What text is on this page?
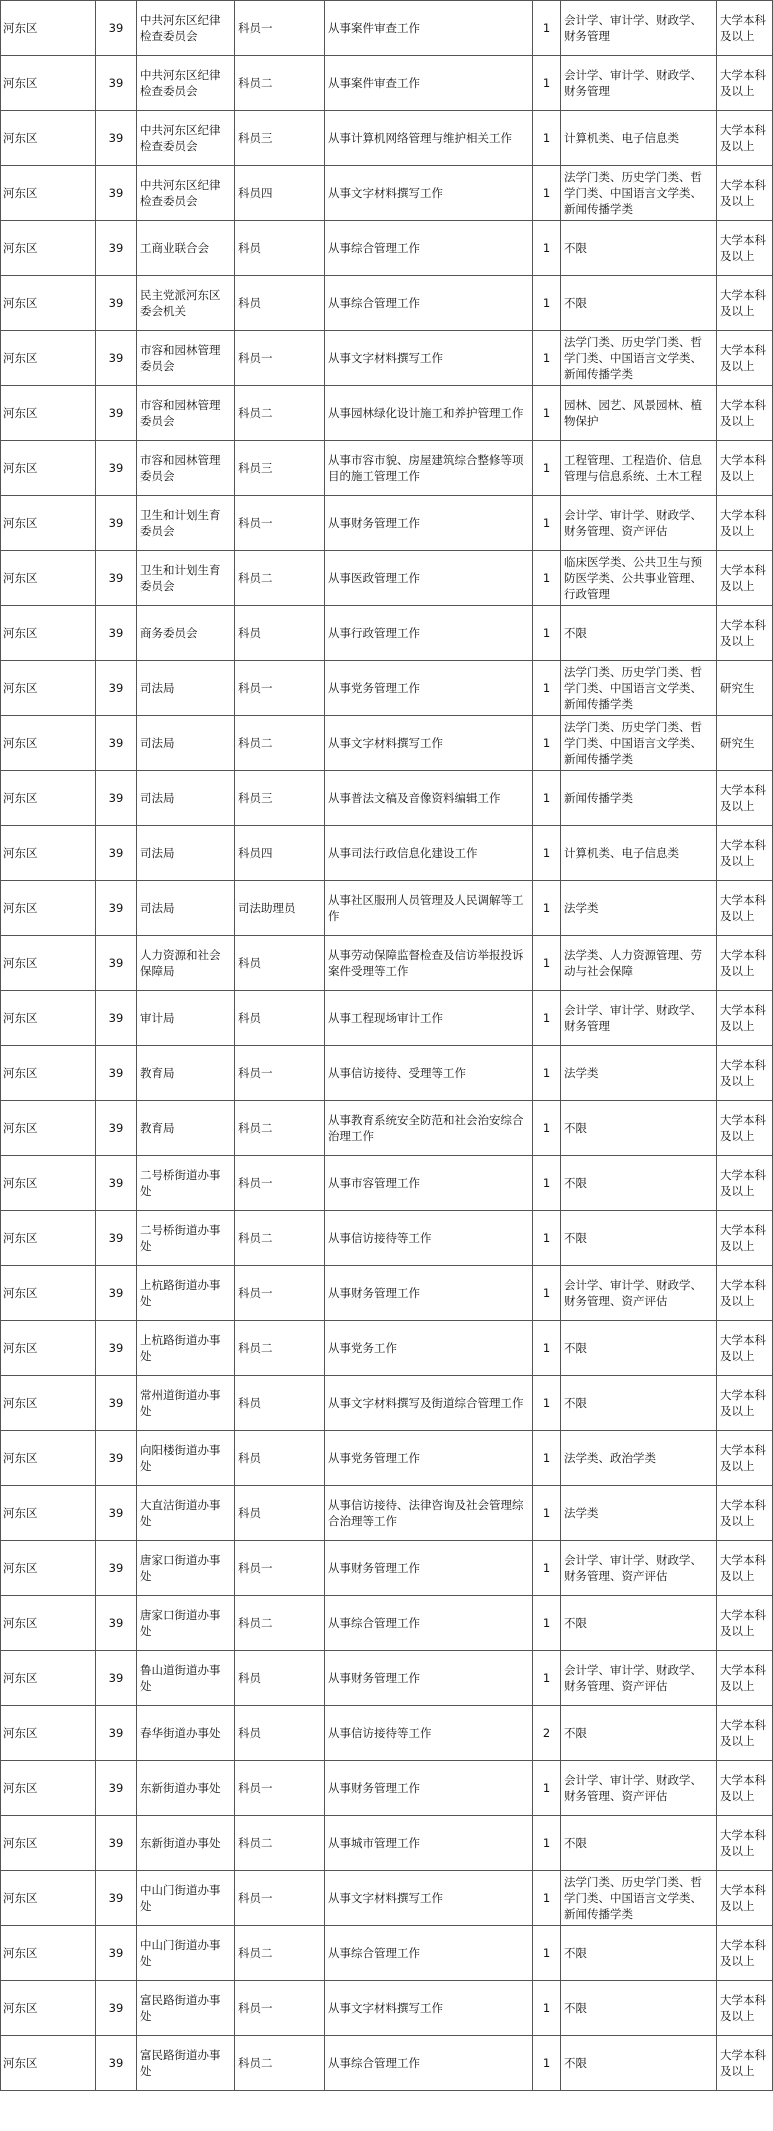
河东区	39	中共河东区纪律检查委员会	科员一	从事案件审查工作	1	会计学、审计学、财政学、财务管理	大学本科及以上
河东区	39	中共河东区纪律检查委员会	科员二	从事案件审查工作	1	会计学、审计学、财政学、财务管理	大学本科及以上
河东区	39	中共河东区纪律检查委员会	科员三	从事计算机网络管理与维护相关工作	1	计算机类、电子信息类	大学本科及以上
河东区	39	中共河东区纪律检查委员会	科员四	从事文字材料撰写工作	1	法学门类、历史学门类、哲学门类、中国语言文学类、新闻传播学类	大学本科及以上
河东区	39	工商业联合会	科员	从事综合管理工作	1	不限	大学本科及以上
河东区	39	民主党派河东区委会机关	科员	从事综合管理工作	1	不限	大学本科及以上
河东区	39	市容和园林管理委员会	科员一	从事文字材料撰写工作	1	法学门类、历史学门类、哲学门类、中国语言文学类、新闻传播学类	大学本科及以上
河东区	39	市容和园林管理委员会	科员二	从事园林绿化设计施工和养护管理工作	1	园林、园艺、风景园林、植物保护	大学本科及以上
河东区	39	市容和园林管理委员会	科员三	从事市容市貌、房屋建筑综合整修等项目的施工管理工作	1	工程管理、工程造价、信息管理与信息系统、土木工程	大学本科及以上
河东区	39	卫生和计划生育委员会	科员一	从事财务管理工作	1	会计学、审计学、财政学、财务管理、资产评估	大学本科及以上
河东区	39	卫生和计划生育委员会	科员二	从事医政管理工作	1	临床医学类、公共卫生与预防医学类、公共事业管理、行政管理	大学本科及以上
河东区	39	商务委员会	科员	从事行政管理工作	1	不限	大学本科及以上
河东区	39	司法局	科员一	从事党务管理工作	1	法学门类、历史学门类、哲学门类、中国语言文学类、新闻传播学类	研究生
河东区	39	司法局	科员二	从事文字材料撰写工作	1	法学门类、历史学门类、哲学门类、中国语言文学类、新闻传播学类	研究生
河东区	39	司法局	科员三	从事普法文稿及音像资料编辑工作	1	新闻传播学类	大学本科及以上
河东区	39	司法局	科员四	从事司法行政信息化建设工作	1	计算机类、电子信息类	大学本科及以上
河东区	39	司法局	司法助理员	从事社区服刑人员管理及人民调解等工作	1	法学类	大学本科及以上
河东区	39	人力资源和社会保障局	科员	从事劳动保障监督检查及信访举报投诉案件受理等工作	1	法学类、人力资源管理、劳动与社会保障	大学本科及以上
河东区	39	审计局	科员	从事工程现场审计工作	1	会计学、审计学、财政学、财务管理	大学本科及以上
河东区	39	教育局	科员一	从事信访接待、受理等工作	1	法学类	大学本科及以上
河东区	39	教育局	科员二	从事教育系统安全防范和社会治安综合治理工作	1	不限	大学本科及以上
河东区	39	二号桥街道办事处	科员一	从事市容管理工作	1	不限	大学本科及以上
河东区	39	二号桥街道办事处	科员二	从事信访接待等工作	1	不限	大学本科及以上
河东区	39	上杭路街道办事处	科员一	从事财务管理工作	1	会计学、审计学、财政学、财务管理、资产评估	大学本科及以上
河东区	39	上杭路街道办事处	科员二	从事党务工作	1	不限	大学本科及以上
河东区	39	常州道街道办事处	科员	从事文字材料撰写及街道综合管理工作	1	不限	大学本科及以上
河东区	39	向阳楼街道办事处	科员	从事党务管理工作	1	法学类、政治学类	大学本科及以上
河东区	39	大直沽街道办事处	科员	从事信访接待、法律咨询及社会管理综合治理等工作	1	法学类	大学本科及以上
河东区	39	唐家口街道办事处	科员一	从事财务管理工作	1	会计学、审计学、财政学、财务管理、资产评估	大学本科及以上
河东区	39	唐家口街道办事处	科员二	从事综合管理工作	1	不限	大学本科及以上
河东区	39	鲁山道街道办事处	科员	从事财务管理工作	1	会计学、审计学、财政学、财务管理、资产评估	大学本科及以上
河东区	39	春华街道办事处	科员	从事信访接待等工作	2	不限	大学本科及以上
河东区	39	东新街道办事处	科员一	从事财务管理工作	1	会计学、审计学、财政学、财务管理、资产评估	大学本科及以上
河东区	39	东新街道办事处	科员二	从事城市管理工作	1	不限	大学本科及以上
河东区	39	中山门街道办事处	科员一	从事文字材料撰写工作	1	法学门类、历史学门类、哲学门类、中国语言文学类、新闻传播学类	大学本科及以上
河东区	39	中山门街道办事处	科员二	从事综合管理工作	1	不限	大学本科及以上
河东区	39	富民路街道办事处	科员一	从事文字材料撰写工作	1	不限	大学本科及以上
河东区	39	富民路街道办事处	科员二	从事综合管理工作	1	不限	大学本科及以上
